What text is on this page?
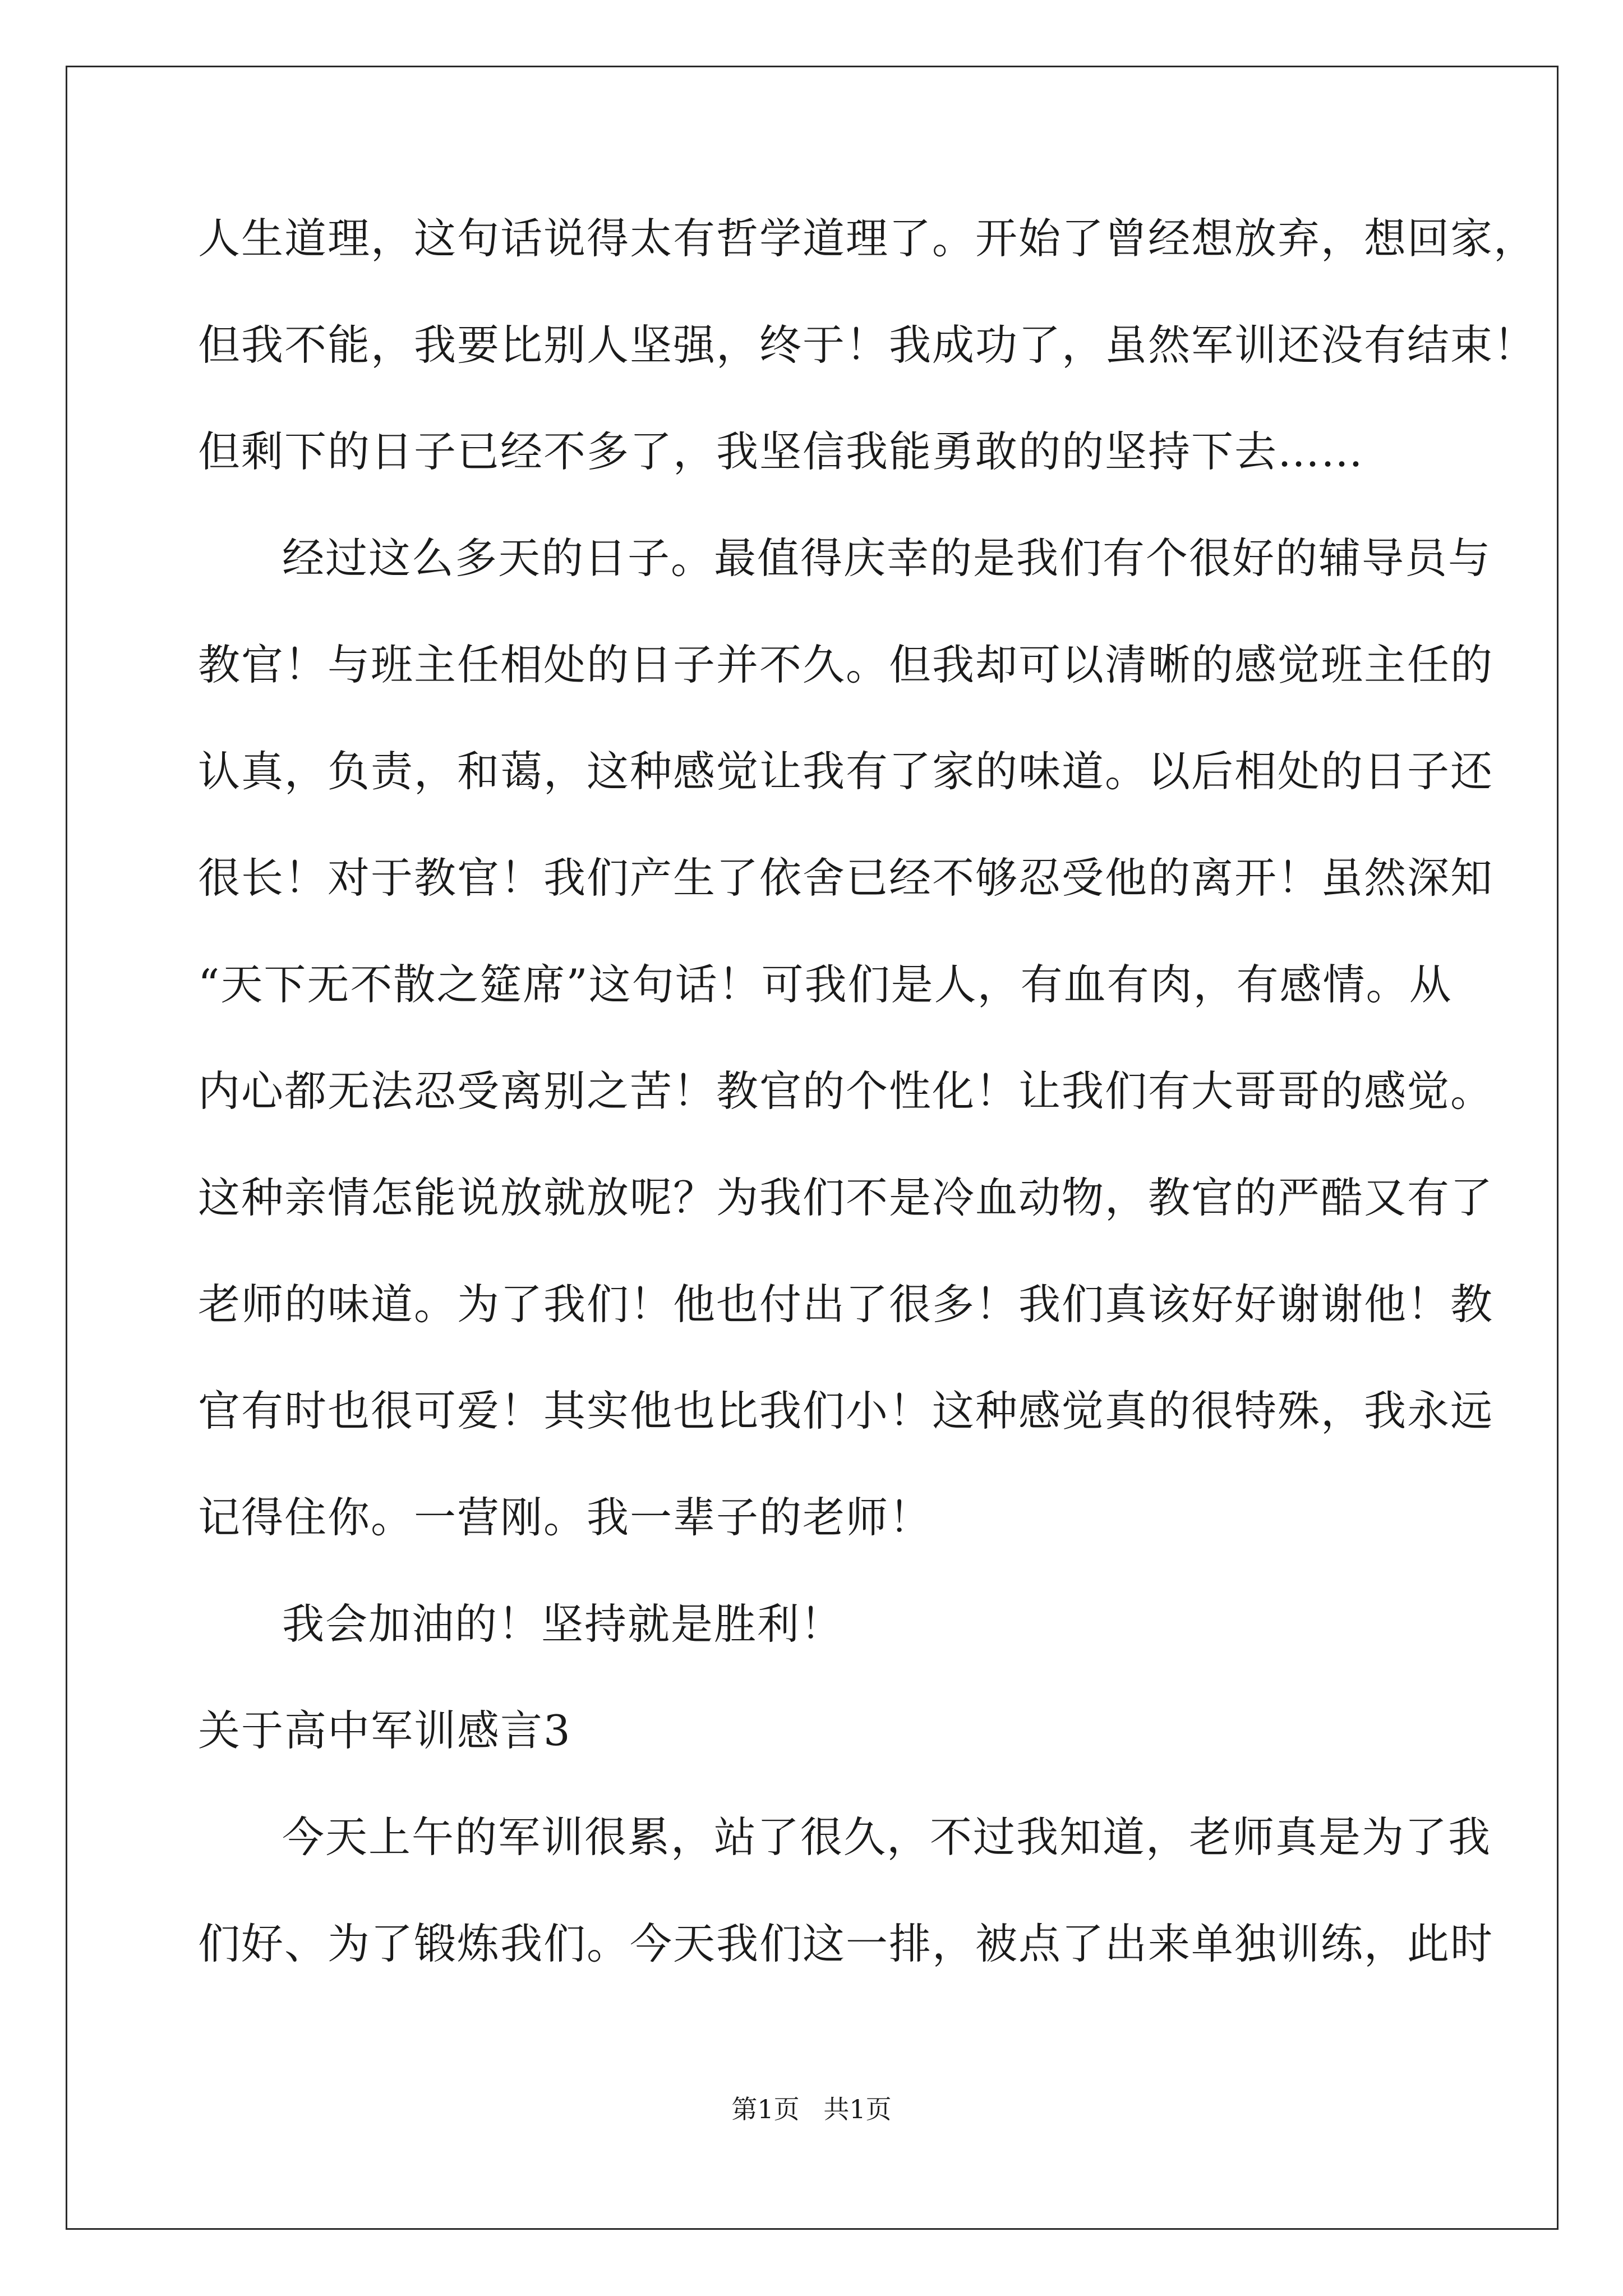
人生道理，这句话说得太有哲学道理了。开始了曾经想放弃，想回家，
但我不能，我要比别人坚强，终于！我成功了，虽然军训还没有结束！
但剩下的日子已经不多了，我坚信我能勇敢的的坚持下去……
经过这么多天的日子。最值得庆幸的是我们有个很好的辅导员与
教官！与班主任相处的日子并不久。但我却可以清晰的感觉班主任的
认真，负责，和蔼，这种感觉让我有了家的味道。以后相处的日子还
很长！对于教官！我们产生了依舍已经不够忍受他的离开！虽然深知
“天下无不散之筵席”这句话！可我们是人，有血有肉，有感情。从
内心都无法忍受离别之苦！教官的个性化！让我们有大哥哥的感觉。
这种亲情怎能说放就放呢？为我们不是冷血动物，教官的严酷又有了
老师的味道。为了我们！他也付出了很多！我们真该好好谢谢他！教
官有时也很可爱！其实他也比我们小！这种感觉真的很特殊，我永远
记得住你。一营刚。我一辈子的老师！
我会加油的！坚持就是胜利！
关于高中军训感言3
今天上午的军训很累，站了很久，不过我知道，老师真是为了我
们好、为了锻炼我们。今天我们这一排，被点了出来单独训练，此时
第1页 共1页
